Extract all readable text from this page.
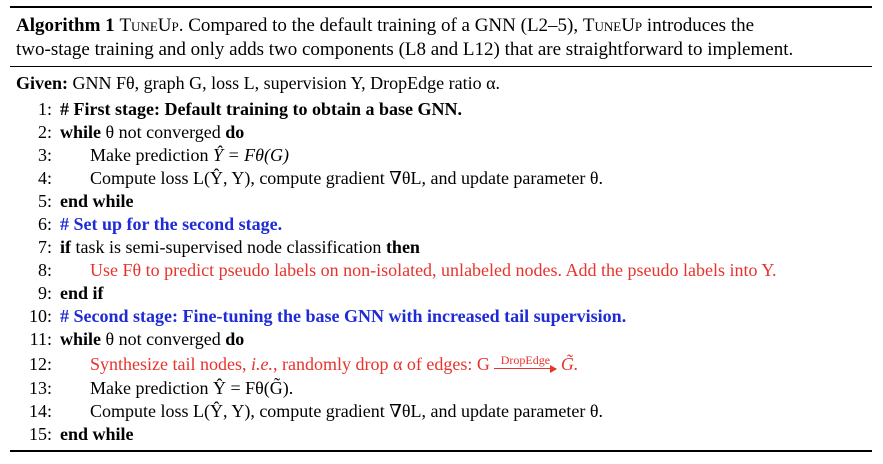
Algorithm 1 TuneUp. Compared to the default training of a GNN (L2–5), TuneUp introduces the
two-stage training and only adds two components (L8 and L12) that are straightforward to implement.
Given: GNN Fθ, graph G, loss L, supervision Y, DropEdge ratio α.
1: # First stage: Default training to obtain a base GNN.
2: while θ not converged do
3:	Make prediction Ŷ = Fθ(G)
4:	Compute loss L(Ŷ, Y), compute gradient ∇θL, and update parameter θ.
5: end while
6: # Set up for the second stage.
7: if task is semi-supervised node classification then
8:	Use Fθ to predict pseudo labels on non-isolated, unlabeled nodes. Add the pseudo labels into Y.
9: end if
10: # Second stage: Fine-tuning the base GNN with increased tail supervision.
11: while θ not converged do
12:	Synthesize tail nodes, i.e., randomly drop α of edges: G DropEdge G̃.
13:	Make prediction Ŷ = Fθ(G̃).
14:	Compute loss L(Ŷ, Y), compute gradient ∇θL, and update parameter θ.
15: end while
